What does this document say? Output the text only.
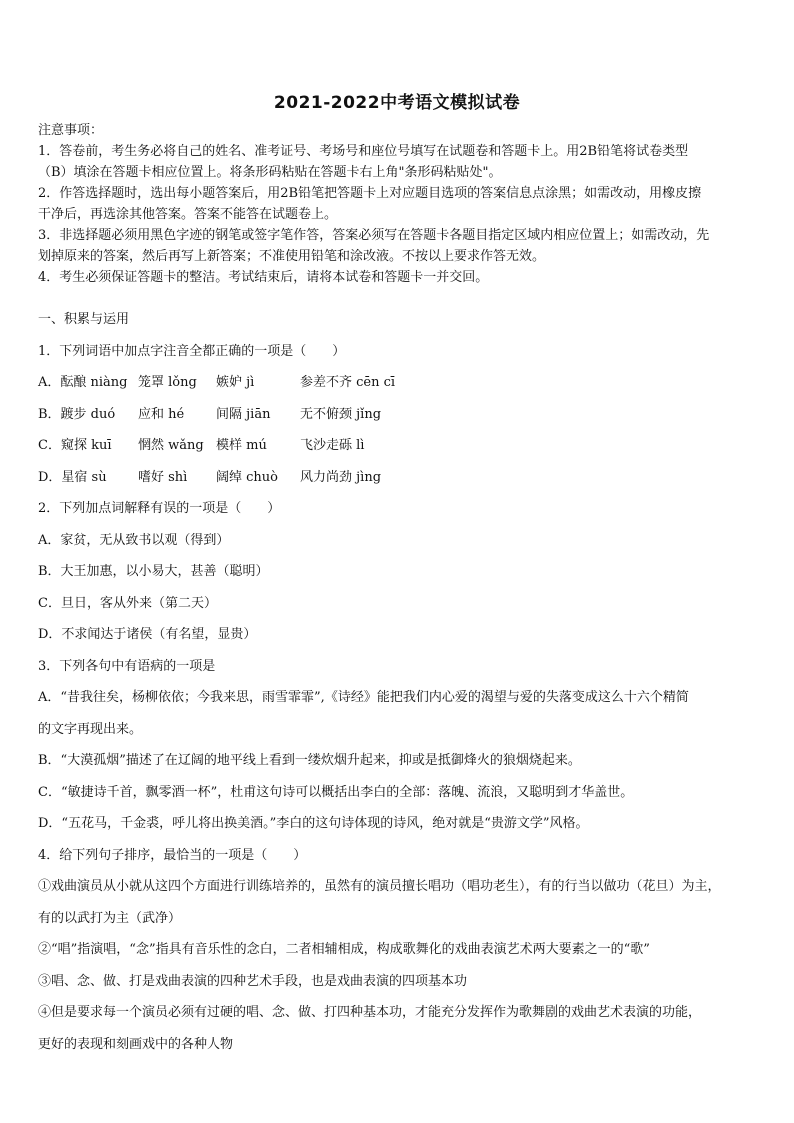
2021-2022中考语文模拟试卷
注意事项：
1．答卷前，考生务必将自己的姓名、准考证号、考场号和座位号填写在试题卷和答题卡上。用2B铅笔将试卷类型
（B）填涂在答题卡相应位置上。将条形码粘贴在答题卡右上角"条形码粘贴处"。
2．作答选择题时，选出每小题答案后，用2B铅笔把答题卡上对应题目选项的答案信息点涂黑；如需改动，用橡皮擦
干净后，再选涂其他答案。答案不能答在试题卷上。
3．非选择题必须用黑色字迹的钢笔或签字笔作答，答案必须写在答题卡各题目指定区域内相应位置上；如需改动，先
划掉原来的答案，然后再写上新答案；不准使用铅笔和涂改液。不按以上要求作答无效。
4．考生必须保证答题卡的整洁。考试结束后，请将本试卷和答题卡一并交回。
一、积累与运用
1．下列词语中加点字注音全都正确的一项是（　　）
A．酝酿 niàng 笼罩 lǒng 嫉妒 jì	参差不齐 cēn cī
B．踱步 duó 应和 hé 间隔 jiān 无不俯颈 jǐng
C．窥探 kuī 惘然 wǎng 模样 mú	飞沙走砾 lì
D．星宿 sù 嗜好 shì 阔绰 chuò 风力尚劲 jìng
2．下列加点词解释有误的一项是（　　）
A．家贫，无从致书以观（得到）
B．大王加惠，以小易大，甚善（聪明）
C．旦日，客从外来（第二天）
D．不求闻达于诸侯（有名望，显贵）
3．下列各句中有语病的一项是
A．“昔我往矣，杨柳依依；今我来思，雨雪霏霏”,《诗经》能把我们内心爱的渴望与爱的失落变成这么十六个精简
的文字再现出来。
B．“大漠孤烟”描述了在辽阔的地平线上看到一缕炊烟升起来，抑或是抵御烽火的狼烟烧起来。
C．“敏捷诗千首，飘零酒一杯”，杜甫这句诗可以概括出李白的全部：落魄、流浪，又聪明到才华盖世。
D．“五花马，千金裘，呼儿将出换美酒。”李白的这句诗体现的诗风，绝对就是“贵游文学”风格。
4．给下列句子排序，最恰当的一项是（　　）
①戏曲演员从小就从这四个方面进行训练培养的，虽然有的演员擅长唱功（唱功老生），有的行当以做功（花旦）为主，
有的以武打为主（武净）
②“唱”指演唱，“念”指具有音乐性的念白，二者相辅相成，构成歌舞化的戏曲表演艺术两大要素之一的“歌”
③唱、念、做、打是戏曲表演的四种艺术手段，也是戏曲表演的四项基本功
④但是要求每一个演员必须有过硬的唱、念、做、打四种基本功，才能充分发挥作为歌舞剧的戏曲艺术表演的功能，
更好的表现和刻画戏中的各种人物
